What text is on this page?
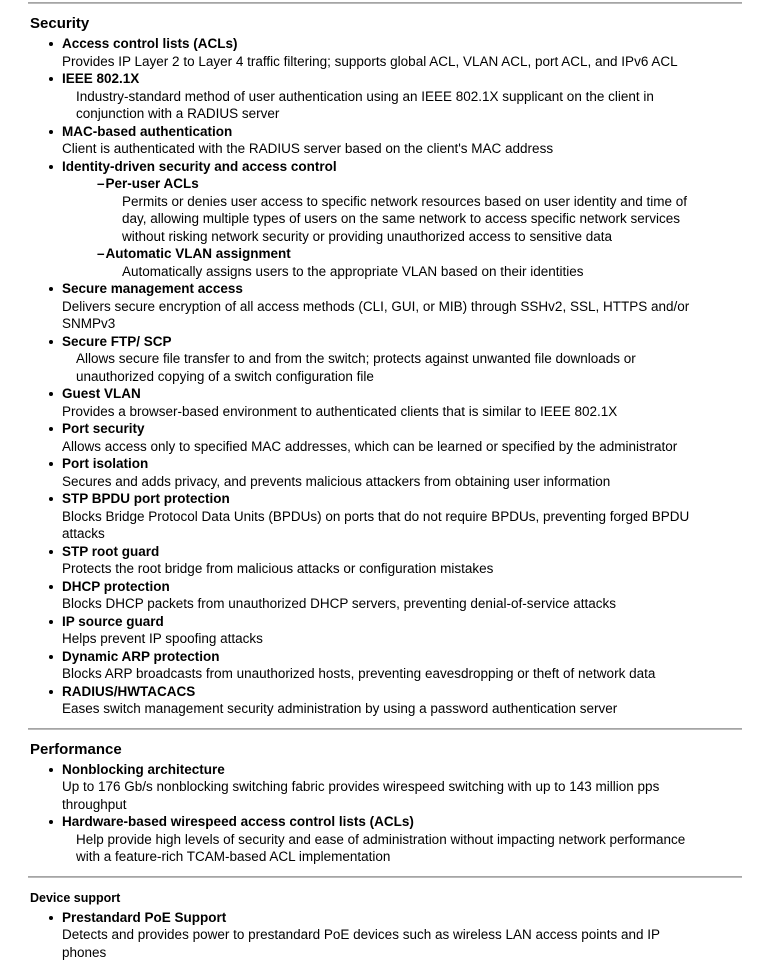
Security
Access control lists (ACLs)
Provides IP Layer 2 to Layer 4 traffic filtering; supports global ACL, VLAN ACL, port ACL, and IPv6 ACL
IEEE 802.1X
Industry-standard method of user authentication using an IEEE 802.1X supplicant on the client in
conjunction with a RADIUS server
MAC-based authentication
Client is authenticated with the RADIUS server based on the client's MAC address
Identity-driven security and access control
–Per-user ACLs
Permits or denies user access to specific network resources based on user identity and time of
day, allowing multiple types of users on the same network to access specific network services
without risking network security or providing unauthorized access to sensitive data
–Automatic VLAN assignment
Automatically assigns users to the appropriate VLAN based on their identities
Secure management access
Delivers secure encryption of all access methods (CLI, GUI, or MIB) through SSHv2, SSL, HTTPS and/or
SNMPv3
Secure FTP/ SCP
Allows secure file transfer to and from the switch; protects against unwanted file downloads or
unauthorized copying of a switch configuration file
Guest VLAN
Provides a browser-based environment to authenticated clients that is similar to IEEE 802.1X
Port security
Allows access only to specified MAC addresses, which can be learned or specified by the administrator
Port isolation
Secures and adds privacy, and prevents malicious attackers from obtaining user information
STP BPDU port protection
Blocks Bridge Protocol Data Units (BPDUs) on ports that do not require BPDUs, preventing forged BPDU
attacks
STP root guard
Protects the root bridge from malicious attacks or configuration mistakes
DHCP protection
Blocks DHCP packets from unauthorized DHCP servers, preventing denial-of-service attacks
IP source guard
Helps prevent IP spoofing attacks
Dynamic ARP protection
Blocks ARP broadcasts from unauthorized hosts, preventing eavesdropping or theft of network data
RADIUS/HWTACACS
Eases switch management security administration by using a password authentication server
Performance
Nonblocking architecture
Up to 176 Gb/s nonblocking switching fabric provides wirespeed switching with up to 143 million pps
throughput
Hardware-based wirespeed access control lists (ACLs)
Help provide high levels of security and ease of administration without impacting network performance
with a feature-rich TCAM-based ACL implementation
Device support
Prestandard PoE Support
Detects and provides power to prestandard PoE devices such as wireless LAN access points and IP
phones
